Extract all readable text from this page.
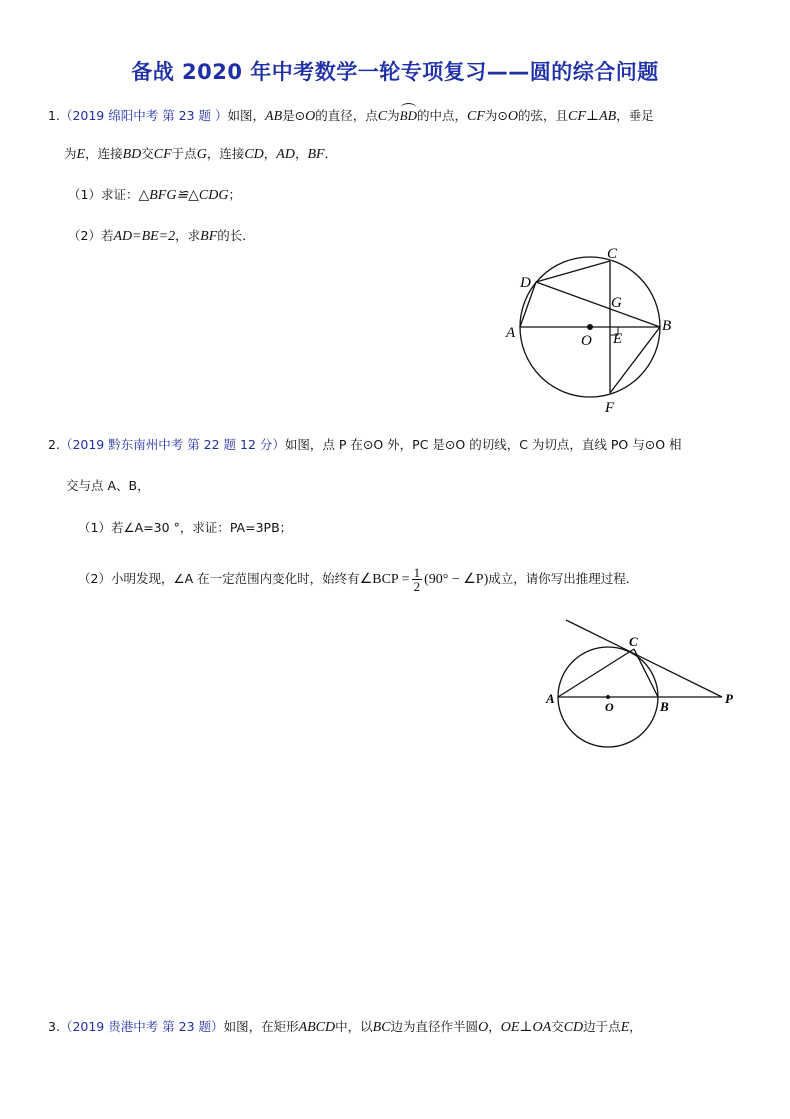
备战 2020 年中考数学一轮专项复习——圆的综合问题
1.（2019 绵阳中考 第 23 题 ）如图，AB是⊙O的直径，点C为BD的中点，CF为⊙O的弦，且CF⊥AB，垂足
为E，连接BD交CF于点G，连接CD，AD，BF．
（1）求证：△BFG≌△CDG；
（2）若AD=BE=2，求BF的长．
C
D
G
A	B
O E
F
2.（2019 黔东南州中考 第 22 题 12 分）如图，点 P 在⊙O 外，PC 是⊙O 的切线，C 为切点，直线 PO 与⊙O 相
交与点 A、B，
（1）若∠A=30 °，求证：PA=3PB；
（2）小明发现，∠A 在一定范围内变化时，始终有∠BCP = $\frac{1}{2} (90^\circ$ − ∠P)成立，请你写出推理过程.
C
A
O	B
P
3.（2019 贵港中考 第 23 题）如图，在矩形ABCD中，以BC边为直径作半圆O，OE⊥OA交CD边于点E，
